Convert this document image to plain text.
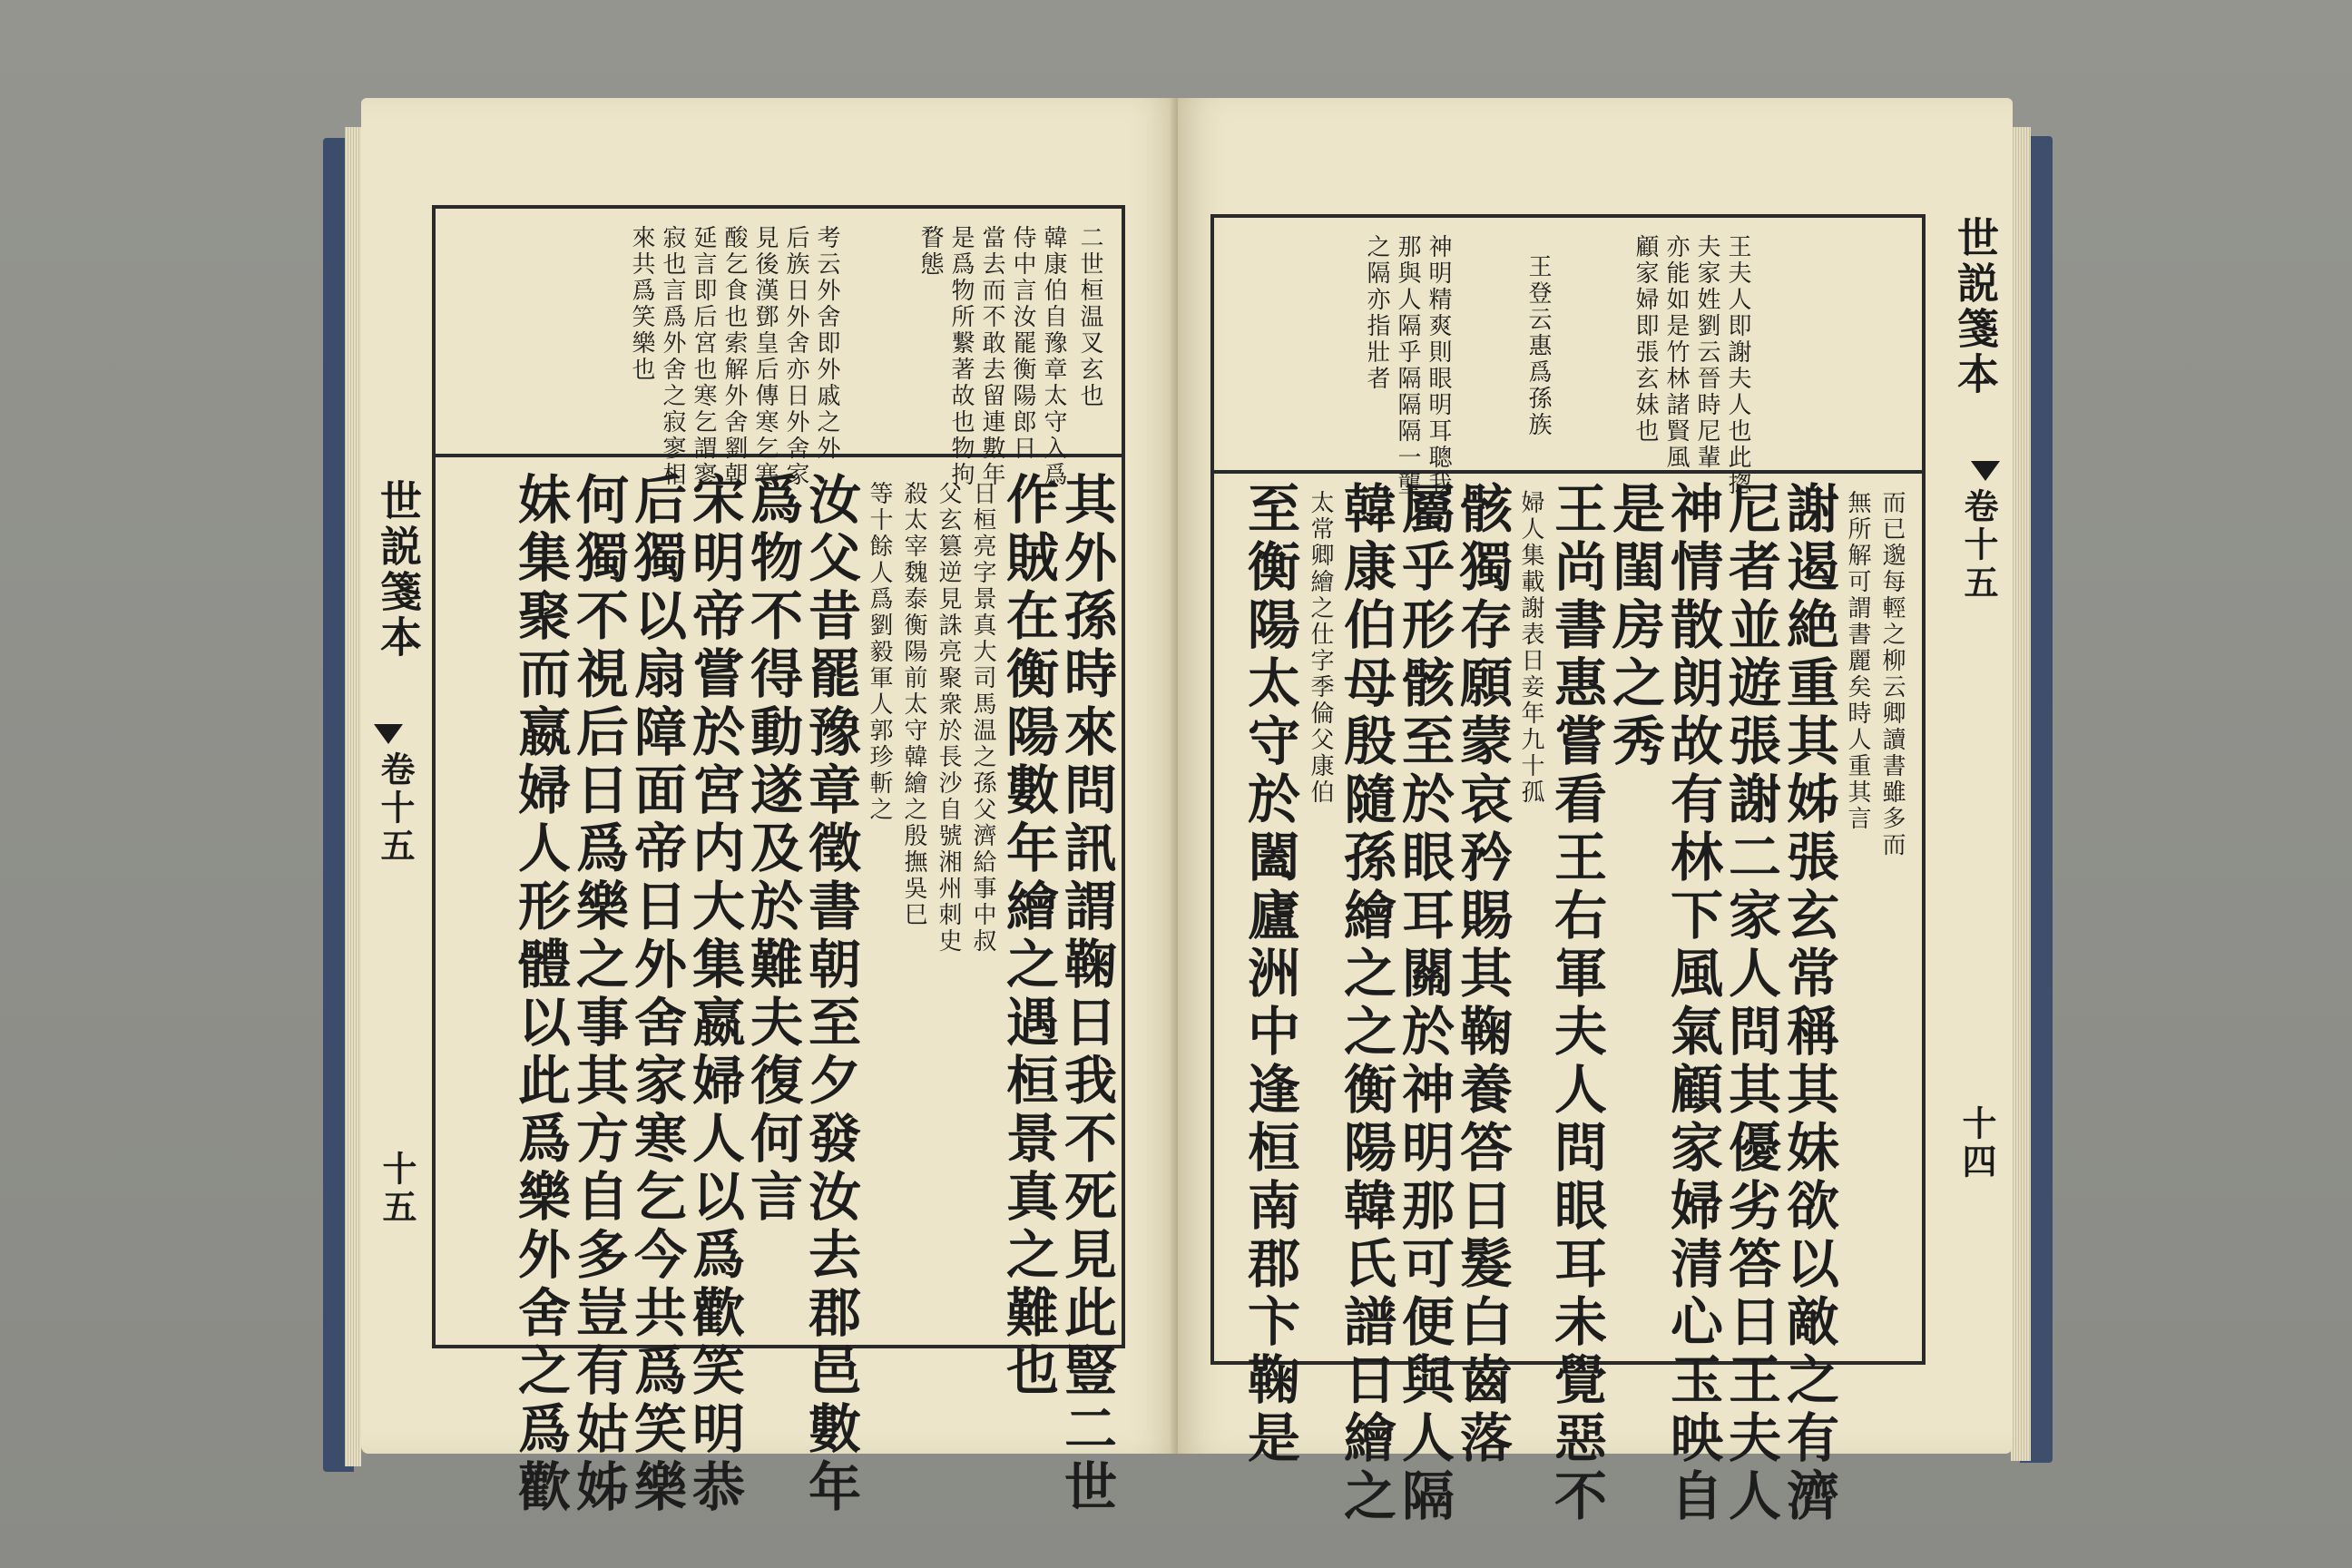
二世桓温叉玄也
韓康伯自豫章太守入爲
侍中言汝罷衡陽郎日
當去而不敢去留連數年
是爲物所繋著故也物拘
瞀態
考云外舍即外戚之外
后族日外舍亦日外舍家
見後漢鄧皇后傳寒乞寒
酸乞食也索解外舍劉朝
延言即后宮也寒乞謂寥
寂也言爲外舍之寂寥相
來共爲笑樂也
其外孫時來問訊謂鞠日我不死見此豎二世
作賊在衡陽數年繪之遇桓景真之難也
日桓亮字景真大司馬温之孫父濟給事中叔
父玄篡逆見誅亮聚衆於長沙自號湘州刺史
殺太宰魏泰衡陽前太守韓繪之殷撫吳巳
等十餘人爲劉毅軍人郭珍斬之
汝父昔罷豫章徵書朝至夕發汝去郡邑數年
爲物不得動遂及於難夫復何言
宋明帝嘗於宮内大集嬴婦人以爲歡笑明恭
后獨以扇障面帝日外舍家寒乞今共爲笑樂
何獨不視后日爲樂之事其方自多豈有姑姊
妹集聚而嬴婦人形體以此爲樂外舍之爲歡
世説箋本
卷十五
十五
王夫人即謝夫人也此揔
夫家姓劉云晉時尼輩
亦能如是竹林諸賢風
顧家婦即張玄妹也
王登云惠爲孫族
神明精爽則眼明耳聰我
那與人隔乎隔隔隔一壟
之隔亦指壯者
而已邈每輕之柳云卿讀書雖多而
無所解可謂書麗矣時人重其言
謝遏絶重其姊張玄常稱其妹欲以敵之有濟
尼者並遊張謝二家人問其優劣答日王夫人
神情散朗故有林下風氣顧家婦清心玉映自
是閨房之秀
王尚書惠嘗看王右軍夫人問眼耳未覺惡不
婦人集載謝表日妾年九十孤
骸獨存願蒙哀矜賜其鞠養答日髮白齒落
屬乎形骸至於眼耳關於神明那可便與人隔
韓康伯母殷隨孫繪之之衡陽韓氏譜日繪之
太常卿繪之仕字季倫父康伯
至衡陽太守於闔廬洲中逢桓南郡卞鞠是
世説箋本
卷十五
十四
